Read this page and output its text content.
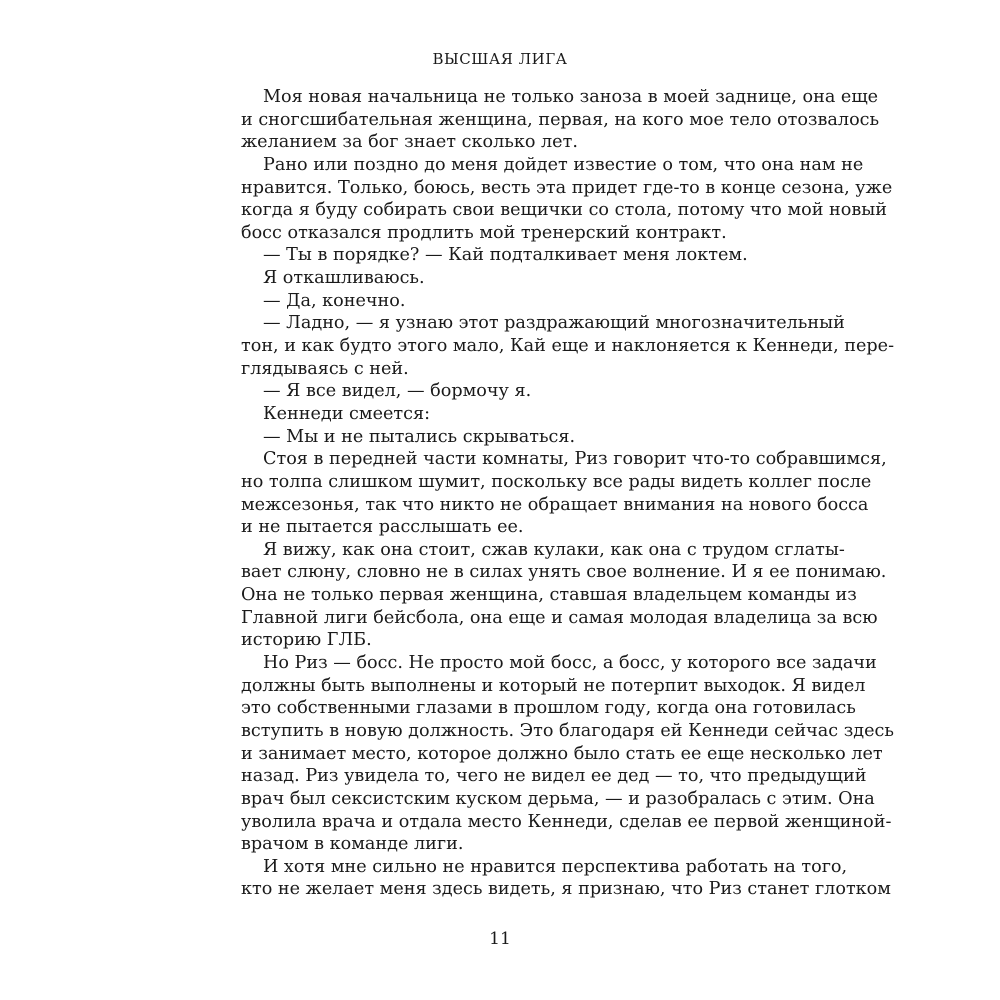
ВЫСШАЯ ЛИГА
Моя новая начальница не только заноза в моей заднице, она еще
и сногсшибательная женщина, первая, на кого мое тело отозвалось
желанием за бог знает сколько лет.
Рано или поздно до меня дойдет известие о том, что она нам не
нравится. Только, боюсь, весть эта придет где-то в конце сезона, уже
когда я буду собирать свои вещички со стола, потому что мой новый
босс отказался продлить мой тренерский контракт.
— Ты в порядке? — Кай подталкивает меня локтем.
Я откашливаюсь.
— Да, конечно.
— Ладно, — я узнаю этот раздражающий многозначительный
тон, и как будто этого мало, Кай еще и наклоняется к Кеннеди, пере-
глядываясь с ней.
— Я все видел, — бормочу я.
Кеннеди смеется:
— Мы и не пытались скрываться.
Стоя в передней части комнаты, Риз говорит что-то собравшимся,
но толпа слишком шумит, поскольку все рады видеть коллег после
межсезонья, так что никто не обращает внимания на нового босса
и не пытается расслышать ее.
Я вижу, как она стоит, сжав кулаки, как она с трудом сглаты-
вает слюну, словно не в силах унять свое волнение. И я ее понимаю.
Она не только первая женщина, ставшая владельцем команды из
Главной лиги бейсбола, она еще и самая молодая владелица за всю
историю ГЛБ.
Но Риз — босс. Не просто мой босс, а босс, у которого все задачи
должны быть выполнены и который не потерпит выходок. Я видел
это собственными глазами в прошлом году, когда она готовилась
вступить в новую должность. Это благодаря ей Кеннеди сейчас здесь
и занимает место, которое должно было стать ее еще несколько лет
назад. Риз увидела то, чего не видел ее дед — то, что предыдущий
врач был сексистским куском дерьма, — и разобралась с этим. Она
уволила врача и отдала место Кеннеди, сделав ее первой женщиной-
врачом в команде лиги.
И хотя мне сильно не нравится перспектива работать на того,
кто не желает меня здесь видеть, я признаю, что Риз станет глотком
11
